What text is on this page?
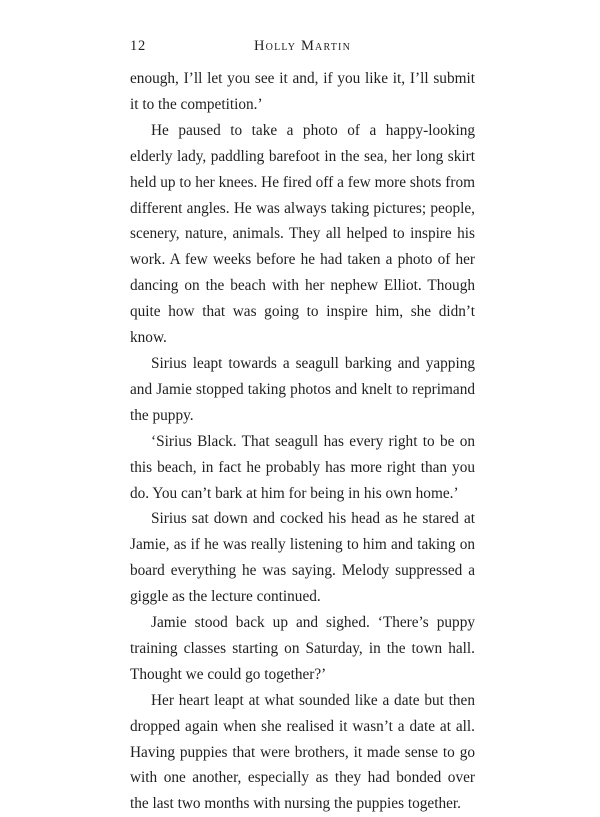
12	Holly Martin

enough, I’ll let you see it and, if you like it, I’ll submit it to the competition.’

He paused to take a photo of a happy-looking elderly lady, paddling barefoot in the sea, her long skirt held up to her knees. He fired off a few more shots from different angles. He was always taking pictures; people, scenery, nature, animals. They all helped to inspire his work. A few weeks before he had taken a photo of her dancing on the beach with her nephew Elliot. Though quite how that was going to inspire him, she didn’t know.

Sirius leapt towards a seagull barking and yapping and Jamie stopped taking photos and knelt to reprimand the puppy.

‘Sirius Black. That seagull has every right to be on this beach, in fact he probably has more right than you do. You can’t bark at him for being in his own home.’

Sirius sat down and cocked his head as he stared at Jamie, as if he was really listening to him and taking on board everything he was saying. Melody suppressed a giggle as the lecture continued.

Jamie stood back up and sighed. ‘There’s puppy training classes starting on Saturday, in the town hall. Thought we could go together?’

Her heart leapt at what sounded like a date but then dropped again when she realised it wasn’t a date at all. Having puppies that were brothers, it made sense to go with one another, especially as they had bonded over the last two months with nursing the puppies together.
